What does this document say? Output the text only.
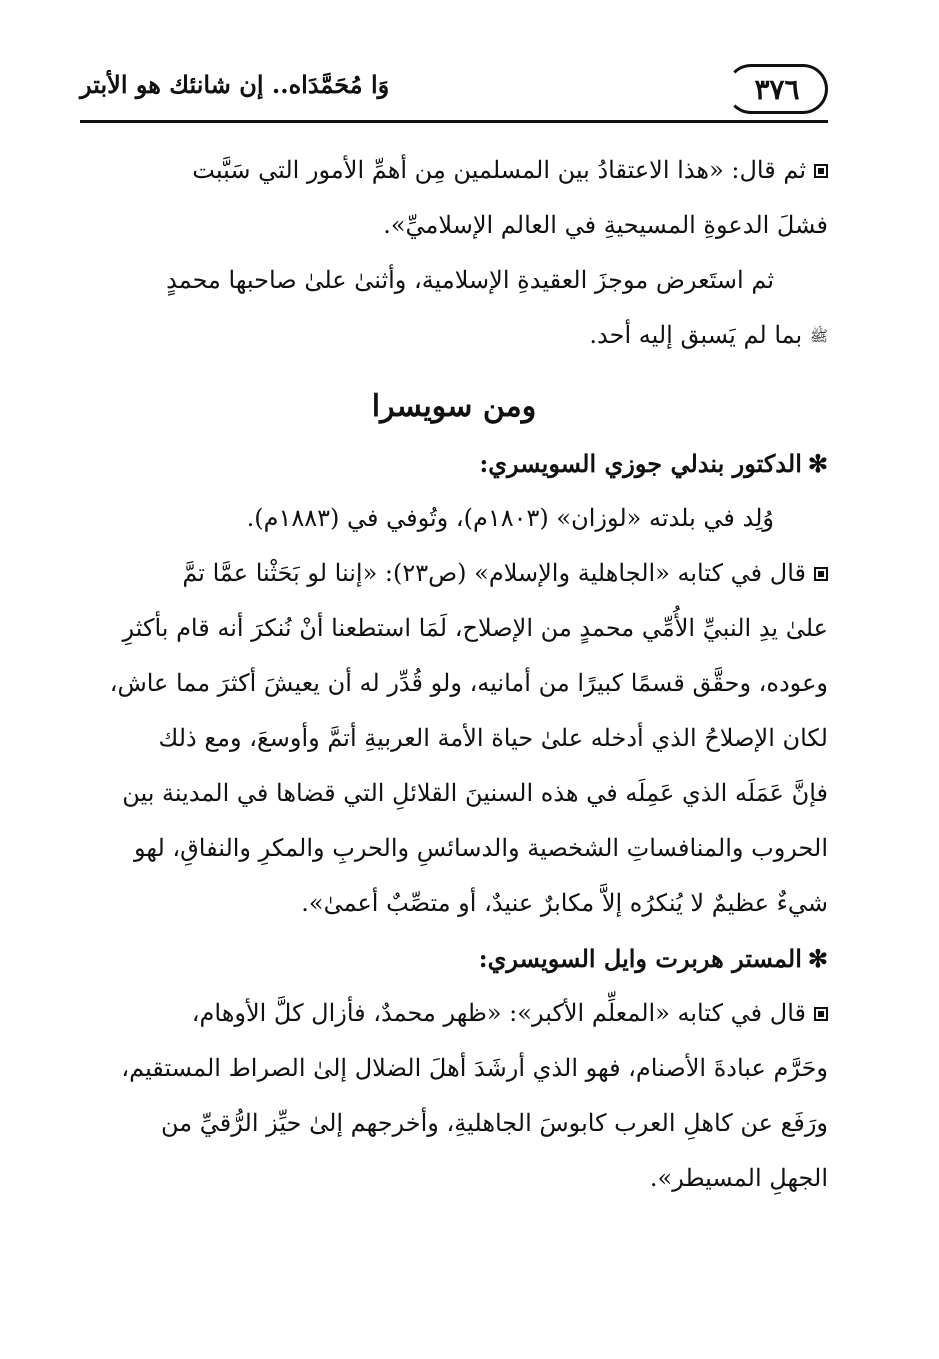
٣٧٦
وَا مُحَمَّدَاه.. إن شانئك هو الأبتر

ثم قال: «هذا الاعتقادُ بين المسلمين مِن أهمِّ الأمور التي سَبَّبت
فشلَ الدعوةِ المسيحيةِ في العالم الإسلاميِّ».

ثم استَعرض موجزَ العقيدةِ الإسلامية، وأثنىٰ علىٰ صاحبها محمدٍ
ﷺ بما لم يَسبق إليه أحد.

ومن سويسرا

✻الدكتور بندلي جوزي السويسري:

وُلِد في بلدته «لوزان» (١٨٠٣م)، وتُوفي في (١٨٨٣م).

قال في كتابه «الجاهلية والإسلام» (ص٢٣): «إننا لو بَحَثْنا عمَّا تمَّ
علىٰ يدِ النبيِّ الأُمِّي محمدٍ من الإصلاح، لَمَا استطعنا أنْ نُنكرَ أنه قام بأكثرِ
وعوده، وحقَّق قسمًا كبيرًا من أمانيه، ولو قُدِّر له أن يعيشَ أكثرَ مما عاش،
لكان الإصلاحُ الذي أدخله علىٰ حياة الأمة العربيةِ أتمَّ وأوسعَ، ومع ذلك
فإنَّ عَمَلَه الذي عَمِلَه في هذه السنينَ القلائلِ التي قضاها في المدينة بين
الحروب والمنافساتِ الشخصية والدسائسِ والحربِ والمكرِ والنفاقِ، لهو
شيءٌ عظيمٌ لا يُنكرُه إلاَّ مكابرٌ عنيدٌ، أو متصِّبٌ أعمىٰ».

✻المستر هربرت وايل السويسري:

قال في كتابه «المعلِّم الأكبر»: «ظهر محمدٌ، فأزال كلَّ الأوهام،
وحَرَّم عبادةَ الأصنام، فهو الذي أرشَدَ أهلَ الضلال إلىٰ الصراط المستقيم،
ورَفَع عن كاهلِ العرب كابوسَ الجاهليةِ، وأخرجهم إلىٰ حيِّز الرُّقيِّ من
الجهلِ المسيطر».
